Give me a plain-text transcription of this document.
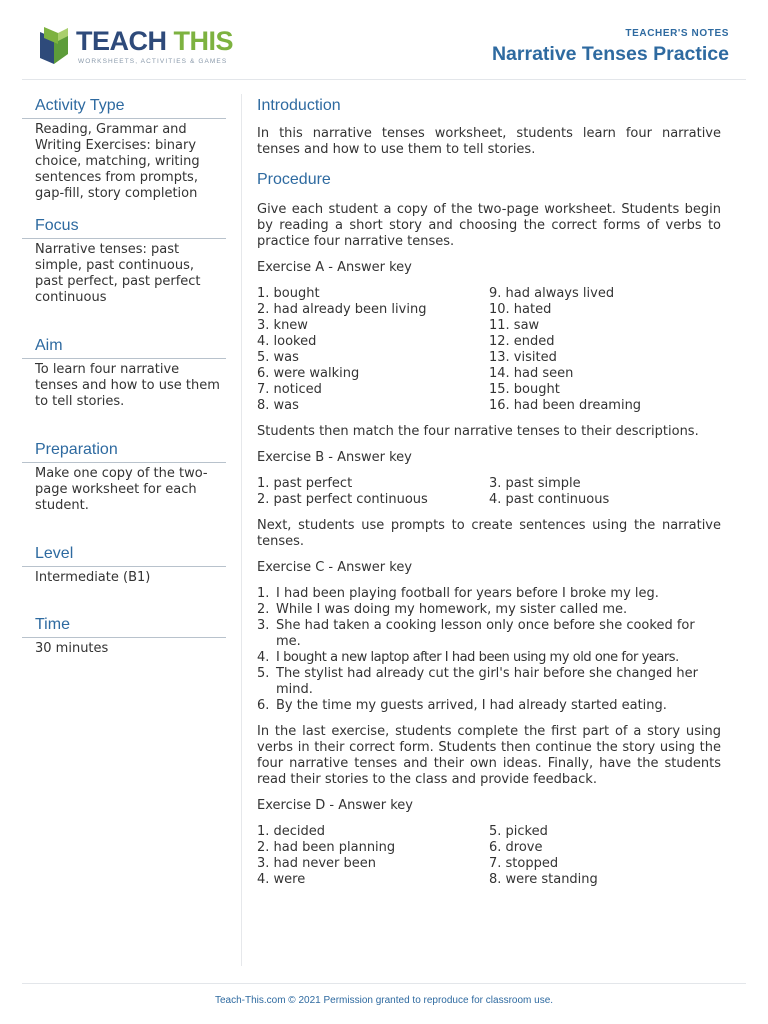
TEACH THIS
WORKSHEETS, ACTIVITIES & GAMES
TEACHER'S NOTES
Narrative Tenses Practice
Activity Type

Reading, Grammar and Writing Exercises: binary choice, matching, writing sentences from prompts, gap-fill, story completion

Focus

Narrative tenses: past simple, past continuous, past perfect, past perfect continuous

Aim

To learn four narrative tenses and how to use them to tell stories.

Preparation

Make one copy of the two-page worksheet for each student.

Level

Intermediate (B1)

Time

30 minutes

Introduction

In this narrative tenses worksheet, students learn four narrative tenses and how to use them to tell stories.

Procedure

Give each student a copy of the two-page worksheet. Students begin by reading a short story and choosing the correct forms of verbs to practice four narrative tenses.

Exercise A - Answer key
1. bought
2. had already been living
3. knew
4. looked
5. was
6. were walking
7. noticed
8. was
9. had always lived
10. hated
11. saw
12. ended
13. visited
14. had seen
15. bought
16. had been dreaming

Students then match the four narrative tenses to their descriptions.

Exercise B - Answer key
1. past perfect
2. past perfect continuous
3. past simple
4. past continuous

Next, students use prompts to create sentences using the narrative tenses.

Exercise C - Answer key
1. I had been playing football for years before I broke my leg.
2. While I was doing my homework, my sister called me.
3. She had taken a cooking lesson only once before she cooked for me.
4. I bought a new laptop after I had been using my old one for years.
5. The stylist had already cut the girl's hair before she changed her mind.
6. By the time my guests arrived, I had already started eating.

In the last exercise, students complete the first part of a story using verbs in their correct form. Students then continue the story using the four narrative tenses and their own ideas. Finally, have the students read their stories to the class and provide feedback.

Exercise D - Answer key
1. decided
2. had been planning
3. had never been
4. were
5. picked
6. drove
7. stopped
8. were standing
Teach-This.com © 2021 Permission granted to reproduce for classroom use.
